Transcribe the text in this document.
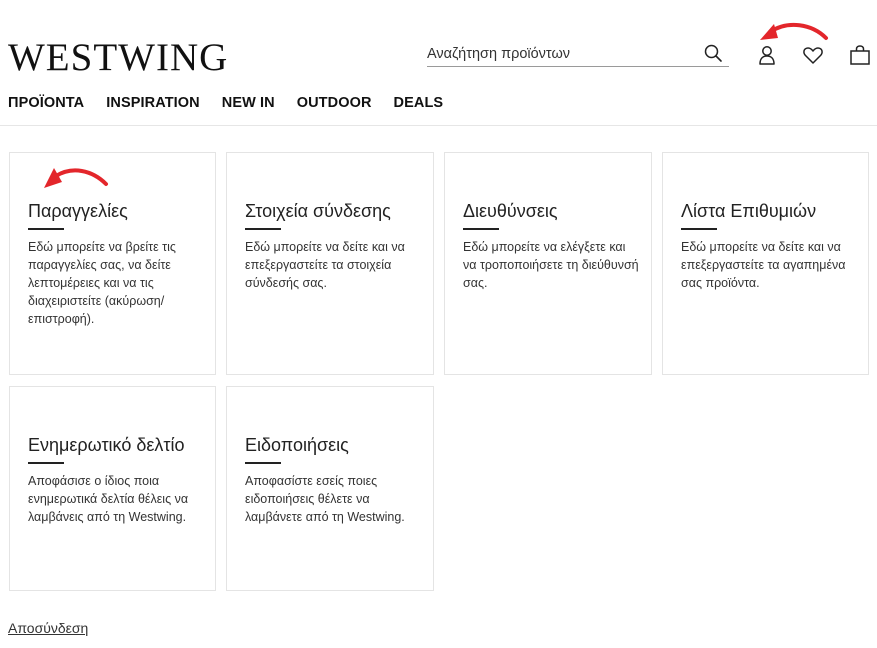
WESTWING
Αναζήτηση προϊόντων
ΠΡΟΪΟΝΤΑ INSPIRATION NEW IN OUTDOOR DEALS
Παραγγελίες
Εδώ μπορείτε να βρείτε τις παραγγελίες σας, να δείτε λεπτομέρειες και να τις διαχειριστείτε (ακύρωση/ επιστροφή).
Στοιχεία σύνδεσης
Εδώ μπορείτε να δείτε και να επεξεργαστείτε τα στοιχεία σύνδεσής σας.
Διευθύνσεις
Εδώ μπορείτε να ελέγξετε και να τροποποιήσετε τη διεύθυνσή σας.
Λίστα Επιθυμιών
Εδώ μπορείτε να δείτε και να επεξεργαστείτε τα αγαπημένα σας προϊόντα.
Ενημερωτικό δελτίο
Αποφάσισε ο ίδιος ποια ενημερωτικά δελτία θέλεις να λαμβάνεις από τη Westwing.
Ειδοποιήσεις
Αποφασίστε εσείς ποιες ειδοποιήσεις θέλετε να λαμβάνετε από τη Westwing.
Αποσύνδεση
